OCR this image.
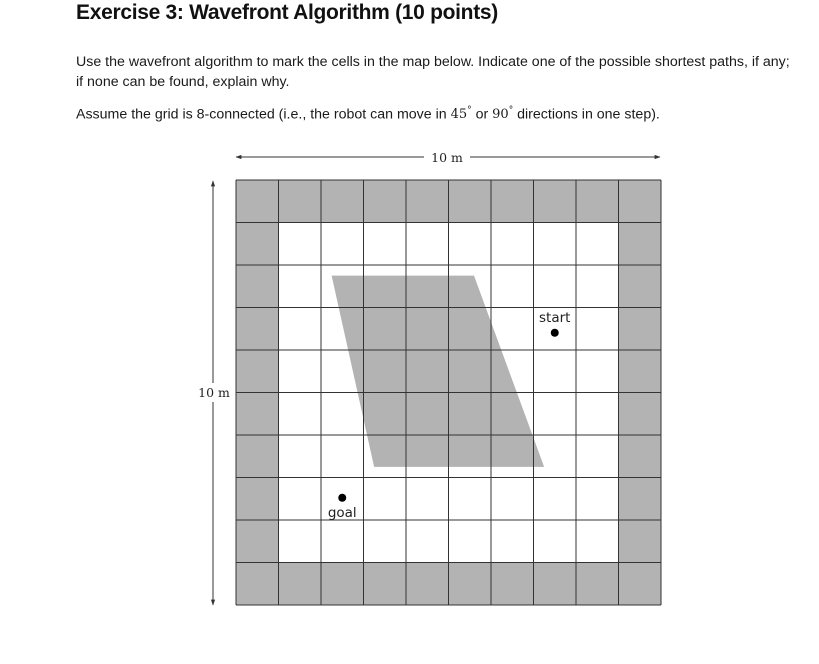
Exercise 3: Wavefront Algorithm (10 points)

Use the wavefront algorithm to mark the cells in the map below. Indicate one of the possible shortest paths, if any; if none can be found, explain why.

Assume the grid is 8-connected (i.e., the robot can move in 45° or 90° directions in one step).

10 m
10 m
start
goal
